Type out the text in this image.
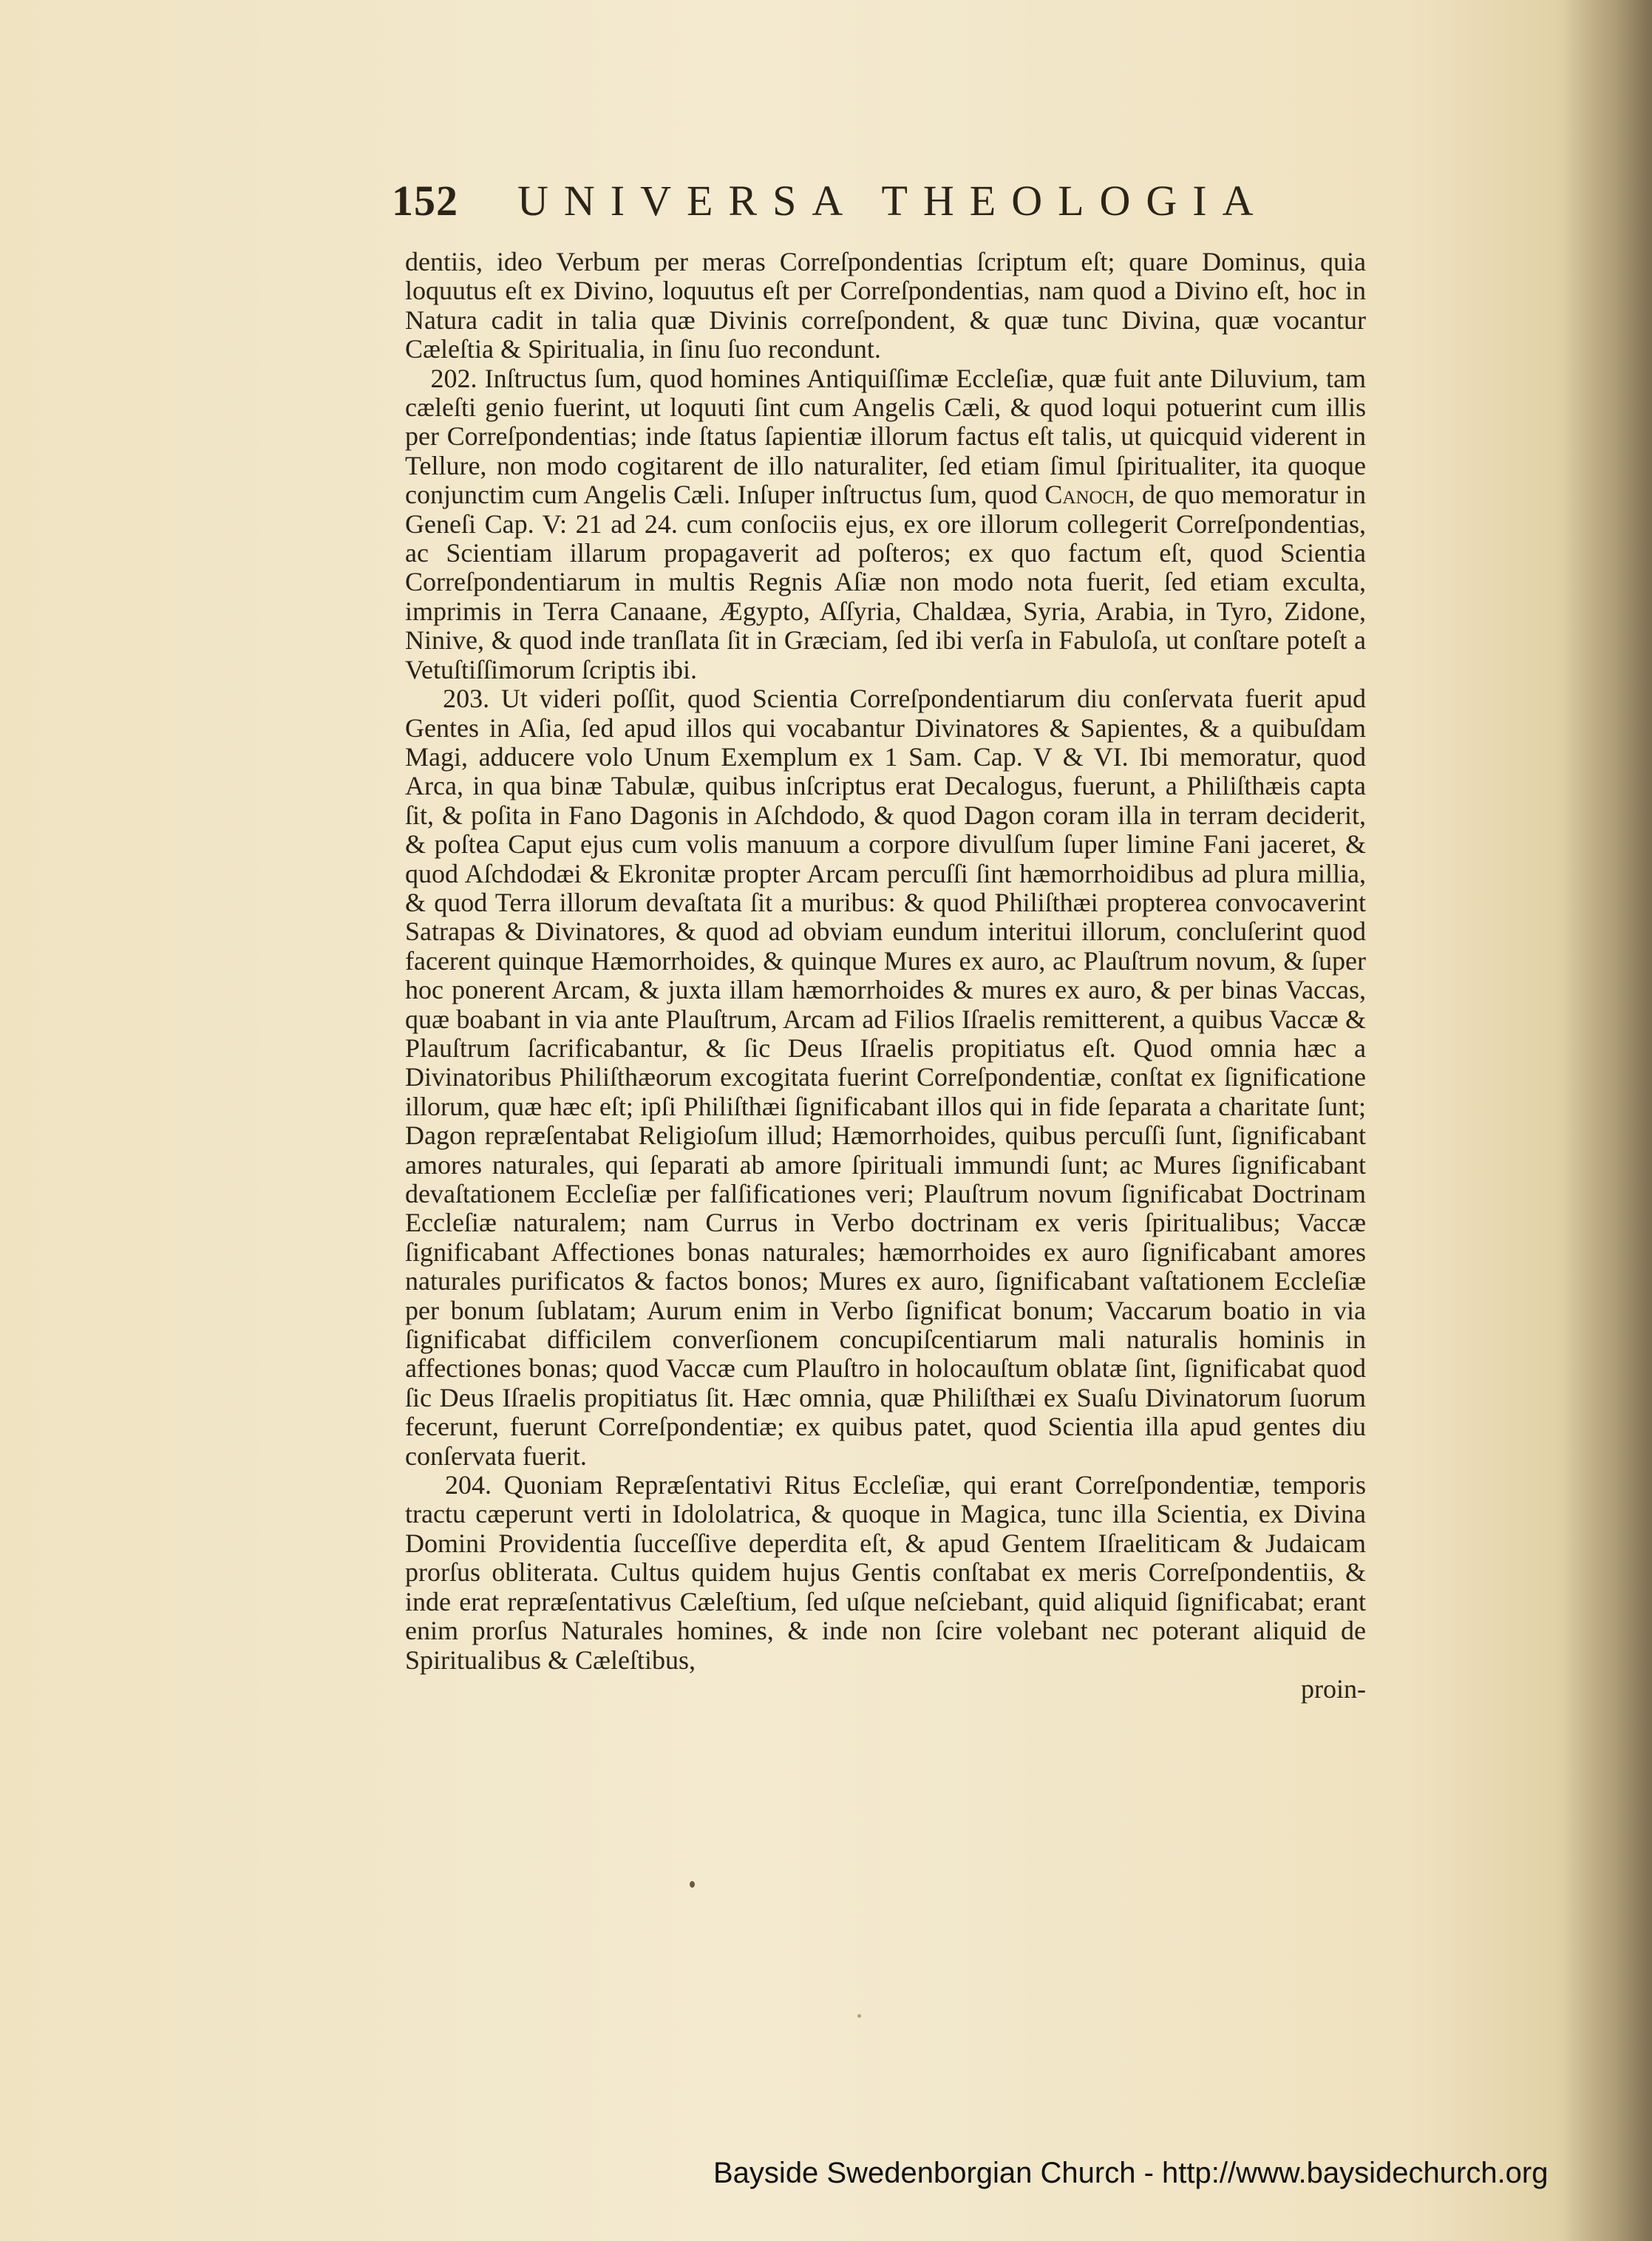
152 UNIVERSA THEOLOGIA

dentiis, ideo Verbum per meras Correſpondentias ſcriptum eſt; quare Dominus, quia loquutus eſt ex Divino, loquutus eſt per Correſpondentias, nam quod a Divino eſt, hoc in Natura cadit in talia quæ Divinis correſpondent, & quæ tunc Divina, quæ vocantur Cæleſtia & Spiritualia, in ſinu ſuo recondunt.

202. Inſtructus ſum, quod homines Antiquiſſimæ Eccleſiæ, quæ fuit ante Diluvium, tam cæleſti genio fuerint, ut loquuti ſint cum Angelis Cæli, & quod loqui potuerint cum illis per Correſpondentias; inde ſtatus ſapientiæ illorum factus eſt talis, ut quicquid viderent in Tellure, non modo cogitarent de illo naturaliter, ſed etiam ſimul ſpiritualiter, ita quoque conjunctim cum Angelis Cæli. Inſuper inſtructus ſum, quod Canoch, de quo memoratur in Geneſi Cap. V: 21 ad 24. cum conſociis ejus, ex ore illorum collegerit Correſpondentias, ac Scientiam illarum propagaverit ad poſteros; ex quo factum eſt, quod Scientia Correſpondentiarum in multis Regnis Aſiæ non modo nota fuerit, ſed etiam exculta, imprimis in Terra Canaane, Ægypto, Aſſyria, Chaldæa, Syria, Arabia, in Tyro, Zidone, Ninive, & quod inde tranſlata ſit in Græciam, ſed ibi verſa in Fabuloſa, ut conſtare poteſt a Vetuſtiſſimorum ſcriptis ibi.

203. Ut videri poſſit, quod Scientia Correſpondentiarum diu conſervata fuerit apud Gentes in Aſia, ſed apud illos qui vocabantur Divinatores & Sapientes, & a quibuſdam Magi, adducere volo Unum Exemplum ex 1 Sam. Cap. V & VI. Ibi memoratur, quod Arca, in qua binæ Tabulæ, quibus inſcriptus erat Decalogus, fuerunt, a Philiſthæis capta ſit, & poſita in Fano Dagonis in Aſchdodo, & quod Dagon coram illa in terram deciderit, & poſtea Caput ejus cum volis manuum a corpore divulſum ſuper limine Fani jaceret, & quod Aſchdodæi & Ekronitæ propter Arcam percuſſi ſint hæmorrhoidibus ad plura millia, & quod Terra illorum devaſtata ſit a muribus: & quod Philiſthæi propterea convocaverint Satrapas & Divinatores, & quod ad obviam eundum interitui illorum, concluſerint quod facerent quinque Hæmorrhoides, & quinque Mures ex auro, ac Plauſtrum novum, & ſuper hoc ponerent Arcam, & juxta illam hæmorrhoides & mures ex auro, & per binas Vaccas, quæ boabant in via ante Plauſtrum, Arcam ad Filios Iſraelis remitterent, a quibus Vaccæ & Plauſtrum ſacrificabantur, & ſic Deus Iſraelis propitiatus eſt. Quod omnia hæc a Divinatoribus Philiſthæorum excogitata fuerint Correſpondentiæ, conſtat ex ſignificatione illorum, quæ hæc eſt; ipſi Philiſthæi ſignificabant illos qui in fide ſeparata a charitate ſunt; Dagon repræſentabat Religioſum illud; Hæmorrhoides, quibus percuſſi ſunt, ſignificabant amores naturales, qui ſeparati ab amore ſpirituali immundi ſunt; ac Mures ſignificabant devaſtationem Eccleſiæ per falſificationes veri; Plauſtrum novum ſignificabat Doctrinam Eccleſiæ naturalem; nam Currus in Verbo doctrinam ex veris ſpiritualibus; Vaccæ ſignificabant Affectiones bonas naturales; hæmorrhoides ex auro ſignificabant amores naturales purificatos & factos bonos; Mures ex auro, ſignificabant vaſtationem Eccleſiæ per bonum ſublatam; Aurum enim in Verbo ſignificat bonum; Vaccarum boatio in via ſignificabat difficilem converſionem concupiſcentiarum mali naturalis hominis in affectiones bonas; quod Vaccæ cum Plauſtro in holocauſtum oblatæ ſint, ſignificabat quod ſic Deus Iſraelis propitiatus ſit. Hæc omnia, quæ Philiſthæi ex Suaſu Divinatorum ſuorum fecerunt, fuerunt Correſpondentiæ; ex quibus patet, quod Scientia illa apud gentes diu conſervata fuerit.

204. Quoniam Repræſentativi Ritus Eccleſiæ, qui erant Correſpondentiæ, temporis tractu cæperunt verti in Idololatrica, & quoque in Magica, tunc illa Scientia, ex Divina Domini Providentia ſucceſſive deperdita eſt, & apud Gentem Iſraeliticam & Judaicam prorſus obliterata. Cultus quidem hujus Gentis conſtabat ex meris Correſpondentiis, & inde erat repræſentativus Cæleſtium, ſed uſque neſciebant, quid aliquid ſignificabat; erant enim prorſus Naturales homines, & inde non ſcire volebant nec poterant aliquid de Spiritualibus & Cæleſtibus,

proin-
Bayside Swedenborgian Church - http://www.baysidechurch.org
